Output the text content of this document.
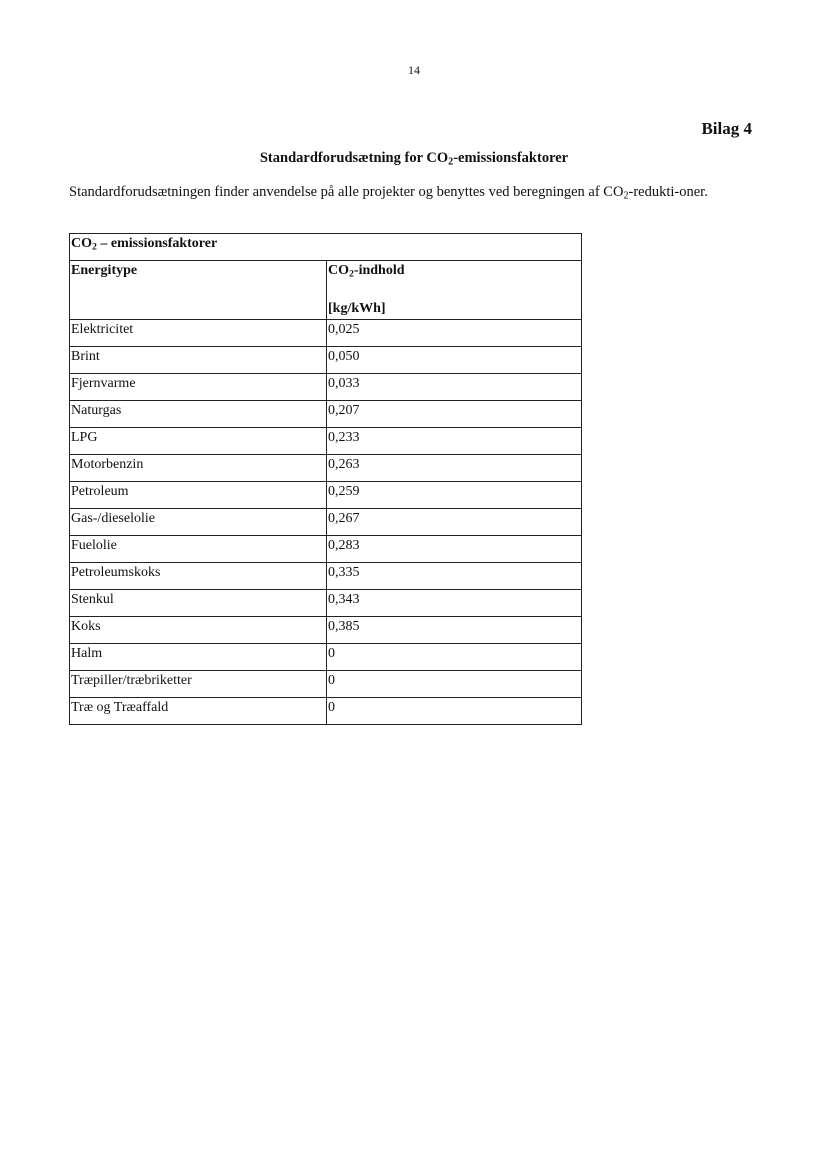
14
Bilag 4
Standardforudsætning for $CO_2$-emissionsfaktorer
Standardforudsætningen finder anvendelse på alle projekter og benyttes ved beregningen af $CO_2-redukti$-oner.
$CO_2$ – emissionsfaktorer	
Energitype	$CO_2$-indhold
[kg/kWh]

Elektricitet	0,025
Brint	0,050
Fjernvarme	0,033
Naturgas	0,207
LPG	0,233
Motorbenzin	0,263
Petroleum	0,259
Gas-/dieselolie	0,267
Fuelolie	0,283
Petroleumskoks	0,335
Stenkul	0,343
Koks	0,385
Halm	0
Træpiller/træbriketter	0
Træ og Træaffald	0
